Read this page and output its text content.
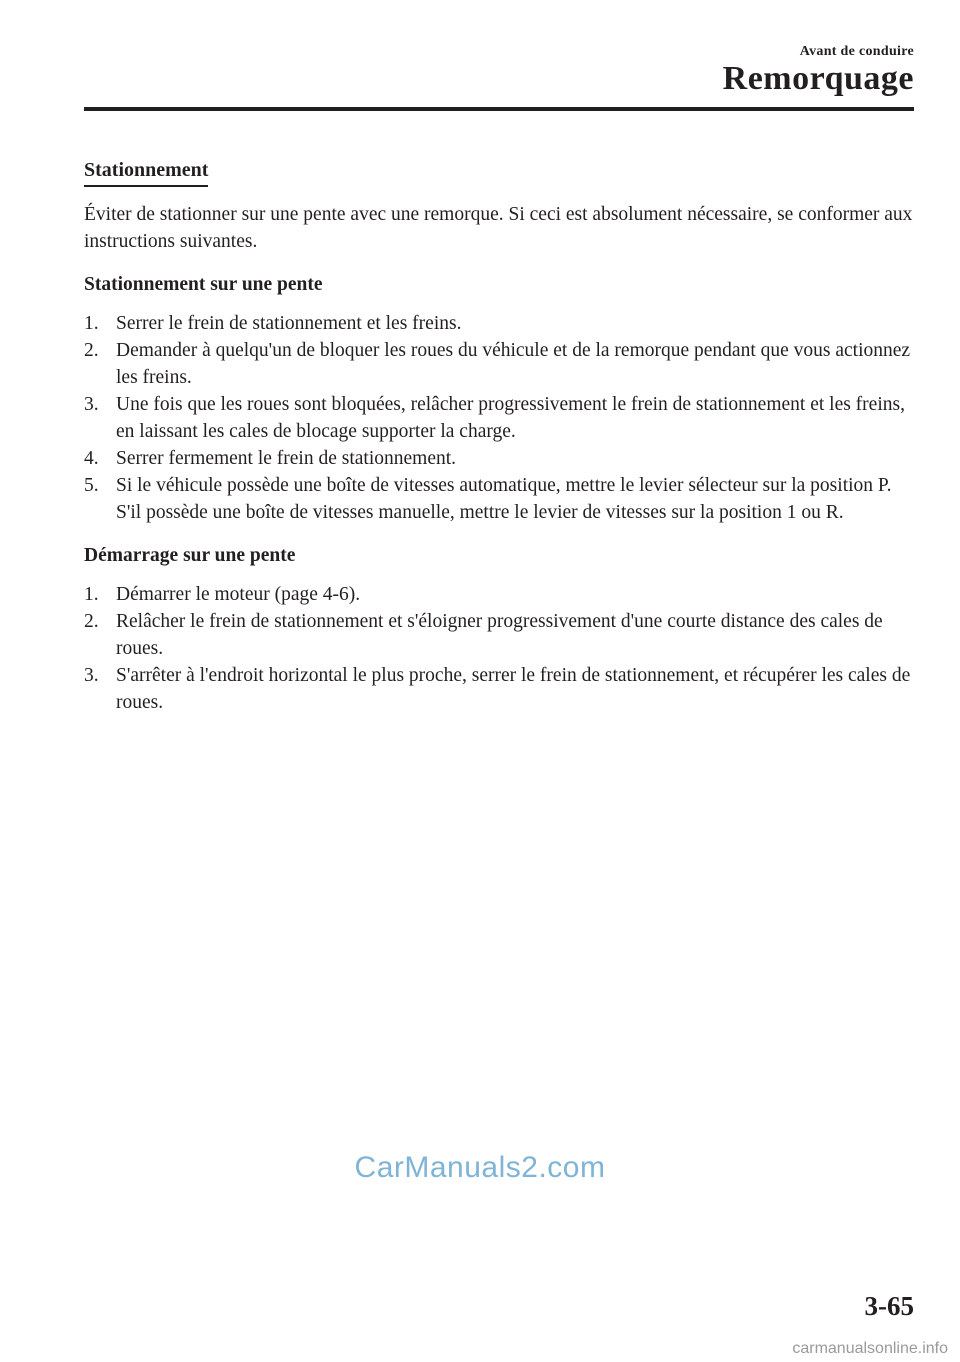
Avant de conduire
Remorquage
Stationnement

Éviter de stationner sur une pente avec une remorque. Si ceci est absolument nécessaire, se conformer aux instructions suivantes.

Stationnement sur une pente
1. Serrer le frein de stationnement et les freins.
2. Demander à quelqu'un de bloquer les roues du véhicule et de la remorque pendant que vous actionnez les freins.
3. Une fois que les roues sont bloquées, relâcher progressivement le frein de stationnement et les freins, en laissant les cales de blocage supporter la charge.
4. Serrer fermement le frein de stationnement.
5. Si le véhicule possède une boîte de vitesses automatique, mettre le levier sélecteur sur la position P. S'il possède une boîte de vitesses manuelle, mettre le levier de vitesses sur la position 1 ou R.
Démarrage sur une pente
1. Démarrer le moteur (page 4-6).
2. Relâcher le frein de stationnement et s'éloigner progressivement d'une courte distance des cales de roues.
3. S'arrêter à l'endroit horizontal le plus proche, serrer le frein de stationnement, et récupérer les cales de roues.
CarManuals2.com
3-65
carmanualsonline.info
